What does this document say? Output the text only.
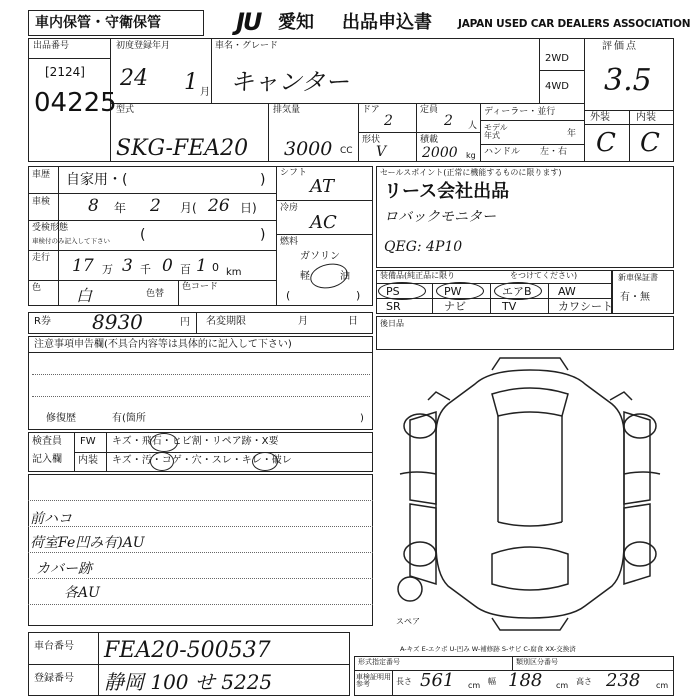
車内保管・守衛保管	JU 愛知 出品申込書 JAPAN USED CAR DEALERS ASSOCIATION
出品番号
[2124]
04225
初度登録年月
24 1 月
車名・グレード
キャンター
2WD
4WD
評価点
3.5
外装	内装
C C
型式
SKG-FEA20
排気量
3000 CC
ドア
2
定員
2 人
形状
V
積載
2000 kg
ディーラー・並行
モデル年式	年
ハンドル 左・右
車歴 自家用・(	)
車検 8 年 2 月( 26 日)
受検形態
車検付のみ記入して下さい (	)
走行 17 万 3 千 0 百 1 0 km
色 白	色替
色コード
シフト
AT
冷房
AC
燃料
ガソリン
軽	油
(	)
セールスポイント(正常に機能するものに限ります)
リース会社出品
ロバックモニター
QEG: 4P10
装備品(純正品に限り	をつけてください)	新車保証書
有・無
R券 8930	円 名変期限	月	日	後日品
注意事項申告欄(不具合内容等は具体的に記入して下さい)
修復歴	有(箇所	)
検査員
記入欄
FW キズ・飛石・ヒビ割・リペア跡・X要
内装 キズ・汚・コゲ・穴・スレ・キレ・破レ
前ハコ
荷室Fe凹み有)AU
カバー跡
各AU
スペア
A-キズ E-エクボ U-凹み W-補修跡 S-サビ C-腐食 XX-交換済
車台番号 FEA20-500537
登録番号 静岡 100 せ 5225
形式指定番号	類別区分番号
車検証明用参考	長さ 561 cm 幅 188 cm 高さ 238 cm
PS	PW	エアB AW
SR	ナビ	TV	カワシート
